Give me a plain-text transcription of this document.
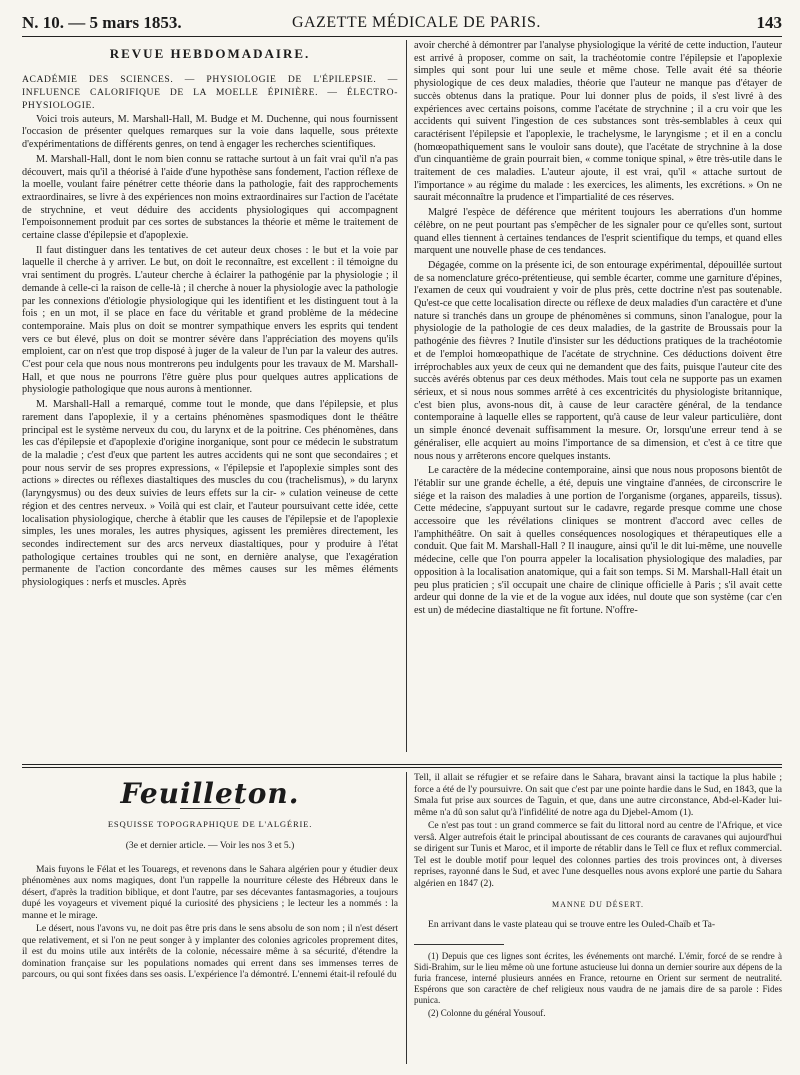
N. 10. — 5 mars 1853.	GAZETTE MÉDICALE DE PARIS.	143
REVUE HEBDOMADAIRE.

ACADÉMIE DES SCIENCES. — PHYSIOLOGIE DE L'ÉPILEPSIE. — INFLUENCE CALORIFIQUE DE LA MOELLE ÉPINIÈRE. — ÉLECTRO-PHYSIOLOGIE.

Voici trois auteurs, M. Marshall-Hall, M. Budge et M. Duchenne, qui nous fournissent l'occasion de présenter quelques remarques sur la voie dans laquelle, sous prétexte d'expérimentations de différents genres, on tend à engager les recherches scientifiques.

M. Marshall-Hall, dont le nom bien connu se rattache surtout à un fait vrai qu'il n'a pas découvert, mais qu'il a théorisé à l'aide d'une hypothèse sans fondement, l'action réflexe de la moelle, voulant faire pénétrer cette théorie dans la pathologie, fait des rapprochements extraordinaires, se livre à des expériences non moins extraordinaires sur l'action de l'acétate de strychnine, et veut déduire des accidents physiologiques qui accompagnent l'empoisonnement produit par ces sortes de substances la théorie et même le traitement de certaine classe d'épilepsie et d'apoplexie.

Il faut distinguer dans les tentatives de cet auteur deux choses : le but et la voie par laquelle il cherche à y arriver. Le but, on doit le reconnaître, est excellent : il témoigne du vrai sentiment du progrès. L'auteur cherche à éclairer la pathogénie par la physiologie ; il demande à celle-ci la raison de celle-là ; il cherche à nouer la physiologie avec la pathologie par les connexions d'étiologie physiologique qui les identifient et les distinguent tout à la fois ; en un mot, il se place en face du véritable et grand problème de la médecine contemporaine. Mais plus on doit se montrer sympathique envers les esprits qui tendent vers ce but élevé, plus on doit se montrer sévère dans l'appréciation des moyens qu'ils emploient, car on n'est que trop disposé à juger de la valeur de l'un par la valeur des autres. C'est pour cela que nous nous montrerons peu indulgents pour les travaux de M. Marshall-Hall, et que nous ne pourrons l'être guère plus pour quelques autres applications de physiologie pathologique que nous aurons à mentionner.

M. Marshall-Hall a remarqué, comme tout le monde, que dans l'épilepsie, et plus rarement dans l'apoplexie, il y a certains phénomènes spasmodiques dont le théâtre principal est le système nerveux du cou, du larynx et de la poitrine. Ces phénomènes, dans les cas d'épilepsie et d'apoplexie d'origine inorganique, sont pour ce médecin le substratum de la maladie ; c'est d'eux que partent les autres accidents qui ne sont que secondaires ; et pour nous servir de ses propres expressions, « l'épilepsie et l'apoplexie simples sont des actions » directes ou réflexes diastaltiques des muscles du cou (trachelismus), » du larynx (laryngysmus) ou des deux suivies de leurs effets sur la cir- » culation veineuse de cette région et des centres nerveux. » Voilà qui est clair, et l'auteur poursuivant cette idée, cette localisation physiologique, cherche à établir que les causes de l'épilepsie et de l'apoplexie simples, les unes morales, les autres physiques, agissent les premières directement, les secondes indirectement sur des arcs nerveux diastaltiques, pour y produire à l'état pathologique certaines troubles qui ne sont, en dernière analyse, que l'exagération permanente de l'action concordante des mêmes causes sur les mêmes éléments physiologiques : nerfs et muscles. Après

avoir cherché à démontrer par l'analyse physiologique la vérité de cette induction, l'auteur est arrivé à proposer, comme on sait, la trachéotomie contre l'épilepsie et l'apoplexie simples qui sont pour lui une seule et même chose. Telle avait été sa théorie physiologique de ces deux maladies, théorie que l'auteur ne manque pas d'étayer de succès obtenus dans la pratique. Pour lui donner plus de poids, il s'est livré à des expériences avec certains poisons, comme l'acétate de strychnine ; il a cru voir que les accidents qui suivent l'ingestion de ces substances sont très-semblables à ceux qui caractérisent l'épilepsie et l'apoplexie, le trachelysme, le laryngisme ; et il en a conclu (homœopathiquement sans le vouloir sans doute), que l'acétate de strychnine à la dose d'un cinquantième de grain pourrait bien, « comme tonique spinal, » être très-utile dans le traitement de ces maladies. L'auteur ajoute, il est vrai, qu'il « attache surtout de l'importance » au régime du malade : les exercices, les aliments, les excrétions. » On ne saurait méconnaître la prudence et l'impartialité de ces réserves.

Malgré l'espèce de déférence que méritent toujours les aberrations d'un homme célèbre, on ne peut pourtant pas s'empêcher de les signaler pour ce qu'elles sont, surtout quand elles tiennent à certaines tendances de l'esprit scientifique du temps, et quand elles marquent une nouvelle phase de ces tendances.

Dégagée, comme on la présente ici, de son entourage expérimental, dépouillée surtout de sa nomenclature gréco-prétentieuse, qui semble écarter, comme une garniture d'épines, l'examen de ceux qui voudraient y voir de plus près, cette doctrine n'est pas soutenable. Qu'est-ce que cette localisation directe ou réflexe de deux maladies d'un caractère et d'une nature si tranchés dans un groupe de phénomènes si communs, sinon l'analogue, pour la physiologie de la pathologie de ces deux maladies, de la gastrite de Broussais pour la pathogénie des fièvres ? Inutile d'insister sur les déductions pratiques de la trachéotomie et de l'emploi homœopathique de l'acétate de strychnine. Ces déductions doivent être irréprochables aux yeux de ceux qui ne demandent que des faits, puisque l'auteur cite des succès avérés obtenus par ces deux méthodes. Mais tout cela ne supporte pas un examen sérieux, et si nous nous sommes arrêté à ces excentricités du physiologiste britannique, c'est bien plus, avons-nous dit, à cause de leur caractère général, de la tendance contemporaine à laquelle elles se rapportent, qu'à cause de leur valeur particulière, dont un simple énoncé devenait suffisamment la mesure. Or, lorsqu'une erreur tend à se généraliser, elle acquiert au moins l'importance de sa dimension, et c'est à ce titre que nous nous y arrêterons encore quelques instants.

Le caractère de la médecine contemporaine, ainsi que nous nous proposons bientôt de l'établir sur une grande échelle, a été, depuis une vingtaine d'années, de circonscrire le siége et la raison des maladies à une portion de l'organisme (organes, appareils, tissus). Cette médecine, s'appuyant surtout sur le cadavre, regarde presque comme une chose accessoire que les révélations cliniques se montrent d'accord avec celles de l'amphithéâtre. On sait à quelles conséquences nosologiques et thérapeutiques elle a conduit. Que fait M. Marshall-Hall ? Il inaugure, ainsi qu'il le dit lui-même, une nouvelle médecine, celle que l'on pourra appeler la localisation physiologique des maladies, par opposition à la localisation anatomique, qui a fait son temps. Si M. Marshall-Hall était un peu plus praticien ; s'il occupait une chaire de clinique officielle à Paris ; s'il avait cette ardeur qui donne de la vie et de la vogue aux idées, nul doute que son système (car c'en est un) de médecine diastaltique ne fît fortune. N'offre-

Feuilleton.
ESQUISSE TOPOGRAPHIQUE DE L'ALGÉRIE.
(3e et dernier article. — Voir les nos 3 et 5.)

Mais fuyons le Félat et les Touaregs, et revenons dans le Sahara algérien pour y étudier deux phénomènes aux noms magiques, dont l'un rappelle la nourriture céleste des Hébreux dans le désert, d'après la tradition biblique, et dont l'autre, par ses décevantes fantasmagories, a toujours dupé les voyageurs et vivement piqué la curiosité des physiciens ; le lecteur les a nommés : la manne et le mirage.

Le désert, nous l'avons vu, ne doit pas être pris dans le sens absolu de son nom ; il n'est désert que relativement, et si l'on ne peut songer à y implanter des colonies agricoles proprement dites, il est du moins utile aux intérêts de la colonie, nécessaire même à sa sécurité, d'étendre la domination française sur les populations nomades qui errent dans ses immenses terres de parcours, ou qui sont fixées dans ses oasis. L'expérience l'a démontré. L'ennemi était-il refoulé du

Tell, il allait se réfugier et se refaire dans le Sahara, bravant ainsi la tactique la plus habile ; force a été de l'y poursuivre. On sait que c'est par une pointe hardie dans le Sud, en 1843, que la Smala fut prise aux sources de Taguin, et que, dans une autre circonstance, Abd-el-Kader lui-même n'a dû son salut qu'à l'infidélité de notre aga du Djebel-Amom (1).

Ce n'est pas tout : un grand commerce se fait du littoral nord au centre de l'Afrique, et vice versâ. Alger autrefois était le principal aboutissant de ces courants de caravanes qui aujourd'hui se dirigent sur Tunis et Maroc, et il importe de rétablir dans le Tell ce flux et reflux commercial. Tel est le double motif pour lequel des colonnes parties des trois provinces ont, à diverses reprises, rayonné dans le Sud, et avec l'une desquelles nous avons exploré une partie du Sahara algérien en 1847 (2).

MANNE DU DÉSERT.

En arrivant dans le vaste plateau qui se trouve entre les Ouled-Chaïb et Ta-

(1) Depuis que ces lignes sont écrites, les événements ont marché. L'émir, forcé de se rendre à Sidi-Brahim, sur le lieu même où une fortune astucieuse lui donna un dernier sourire aux dépens de la furia francese, interné plusieurs années en France, retourne en Orient sur serment de neutralité. Espérons que son caractère de chef religieux nous vaudra de ne jamais dire de sa parole : Fides punica.

(2) Colonne du général Yousouf.
